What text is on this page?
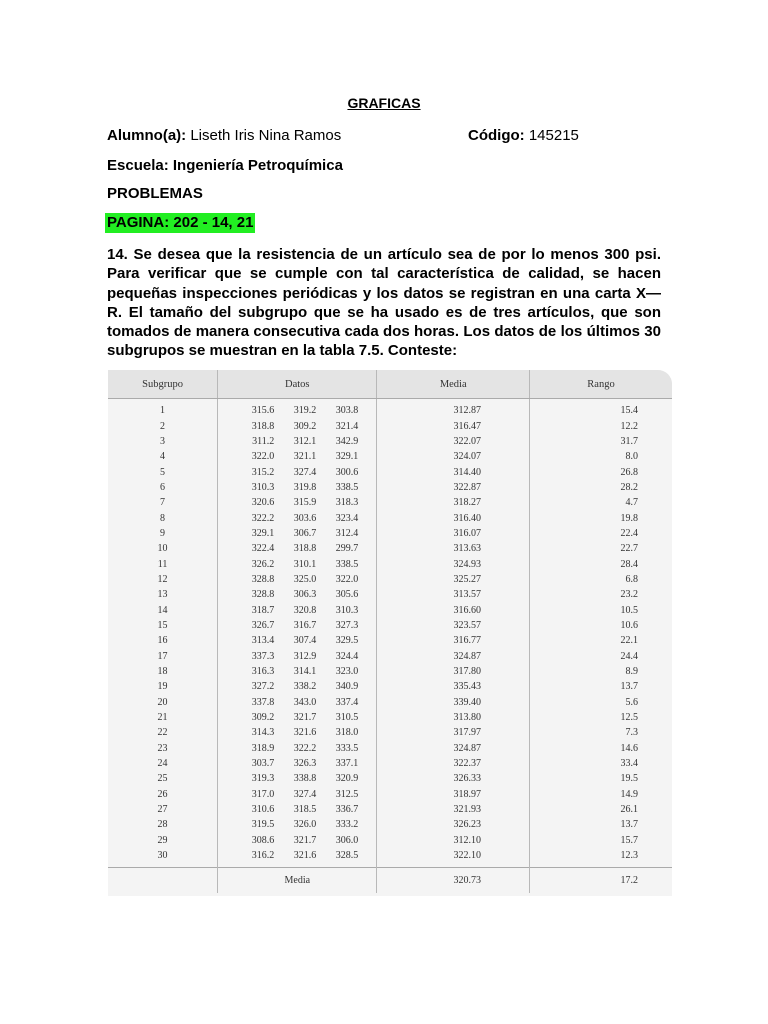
GRAFICAS
Alumno(a): Liseth Iris Nina Ramos	Código: 145215
Escuela: Ingeniería Petroquímica
PROBLEMAS
PAGINA: 202 - 14, 21
14. Se desea que la resistencia de un artículo sea de por lo menos 300 psi. Para verificar que se cumple con tal característica de calidad, se hacen pequeñas inspecciones periódicas y los datos se registran en una carta X—R. El tamaño del subgrupo que se ha usado es de tres artículos, que son tomados de manera consecutiva cada dos horas. Los datos de los últimos 30 subgrupos se muestran en la tabla 7.5. Conteste:
Subgrupo	Datos	Media	Rango
1	315.6 319.2 303.8	312.87	15.4
2	318.8 309.2 321.4	316.47	12.2
3	311.2 312.1 342.9	322.07	31.7
4	322.0 321.1 329.1	324.07	8.0
5	315.2 327.4 300.6	314.40	26.8
6	310.3 319.8 338.5	322.87	28.2
7	320.6 315.9 318.3	318.27	4.7
8	322.2 303.6 323.4	316.40	19.8
9	329.1 306.7 312.4	316.07	22.4
10	322.4 318.8 299.7	313.63	22.7
11	326.2 310.1 338.5	324.93	28.4
12	328.8 325.0 322.0	325.27	6.8
13	328.8 306.3 305.6	313.57	23.2
14	318.7 320.8 310.3	316.60	10.5
15	326.7 316.7 327.3	323.57	10.6
16	313.4 307.4 329.5	316.77	22.1
17	337.3 312.9 324.4	324.87	24.4
18	316.3 314.1 323.0	317.80	8.9
19	327.2 338.2 340.9	335.43	13.7
20	337.8 343.0 337.4	339.40	5.6
21	309.2 321.7 310.5	313.80	12.5
22	314.3 321.6 318.0	317.97	7.3
23	318.9 322.2 333.5	324.87	14.6
24	303.7 326.3 337.1	322.37	33.4
25	319.3 338.8 320.9	326.33	19.5
26	317.0 327.4 312.5	318.97	14.9
27	310.6 318.5 336.7	321.93	26.1
28	319.5 326.0 333.2	326.23	13.7
29	308.6 321.7 306.0	312.10	15.7
30	316.2 321.6 328.5	322.10	12.3
	Media	320.73	17.2
